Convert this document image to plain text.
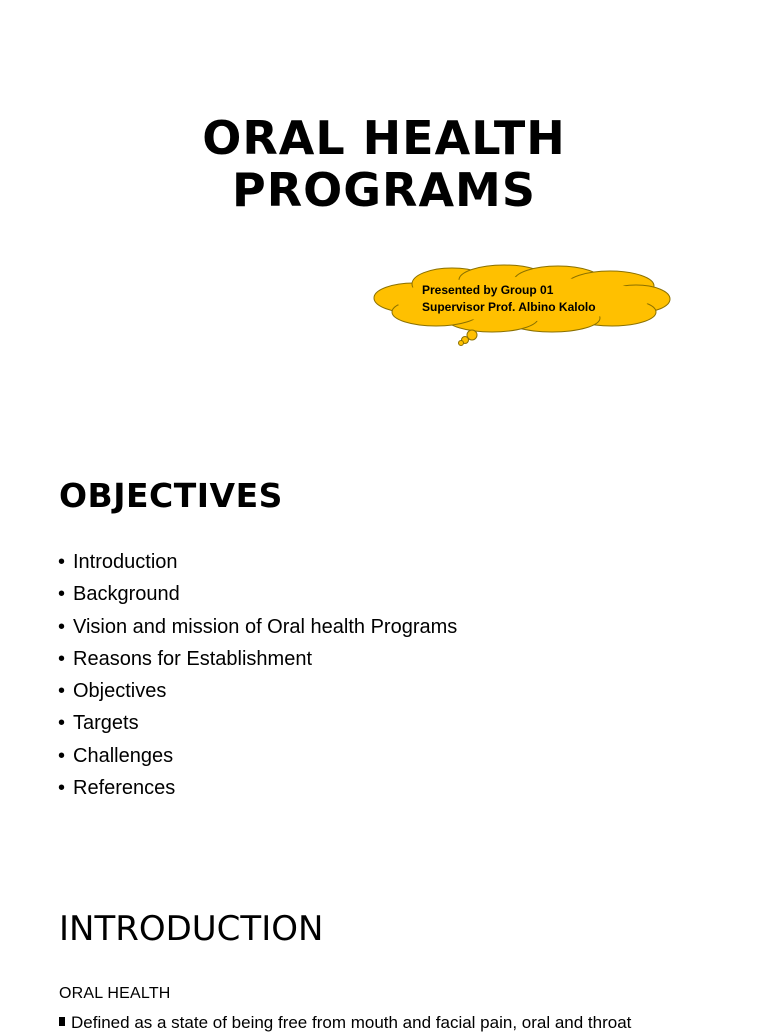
ORAL HEALTH
PROGRAMS
Presented by Group 01
Supervisor Prof. Albino Kalolo
OBJECTIVES
• Introduction
• Background
• Vision and mission of Oral health Programs
• Reasons for Establishment
• Objectives
• Targets
• Challenges
• References
INTRODUCTION
ORAL HEALTH
Defined as a state of being free from mouth and facial pain, oral and throat
